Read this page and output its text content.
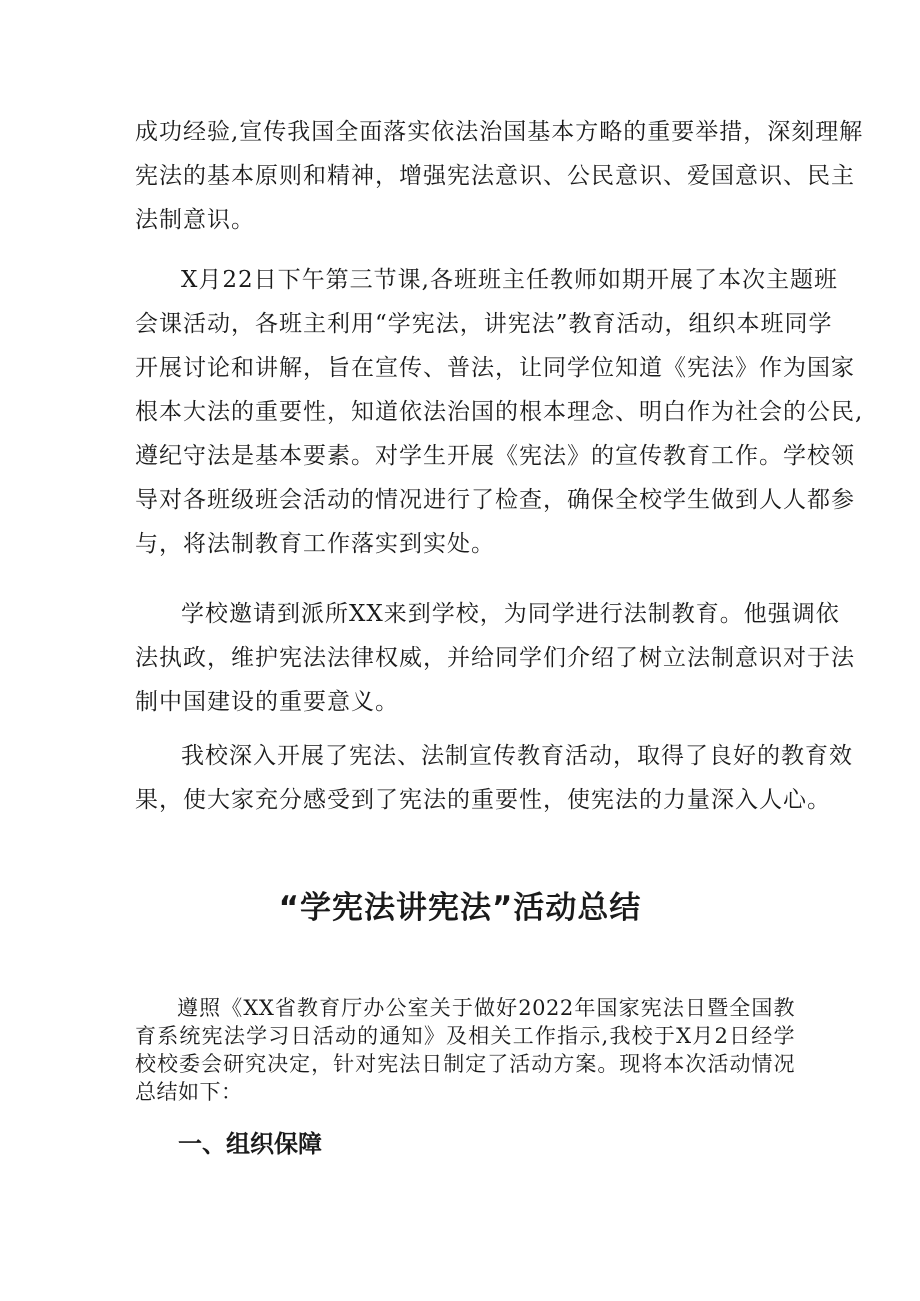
成功经验,宣传我国全面落实依法治国基本方略的重要举措，深刻理解
宪法的基本原则和精神，增强宪法意识、公民意识、爱国意识、民主
法制意识。
X月22日下午第三节课,各班班主任教师如期开展了本次主题班
会课活动，各班主利用“学宪法，讲宪法”教育活动，组织本班同学
开展讨论和讲解，旨在宣传、普法，让同学位知道《宪法》作为国家
根本大法的重要性，知道依法治国的根本理念、明白作为社会的公民,
遵纪守法是基本要素。对学生开展《宪法》的宣传教育工作。学校领
导对各班级班会活动的情况进行了检查，确保全校学生做到人人都参
与，将法制教育工作落实到实处。
学校邀请到派所XX来到学校，为同学进行法制教育。他强调依
法执政，维护宪法法律权威，并给同学们介绍了树立法制意识对于法
制中国建设的重要意义。
我校深入开展了宪法、法制宣传教育活动，取得了良好的教育效
果，使大家充分感受到了宪法的重要性，使宪法的力量深入人心。
“学宪法讲宪法”活动总结
遵照《XX省教育厅办公室关于做好2022年国家宪法日暨全国教
育系统宪法学习日活动的通知》及相关工作指示,我校于X月2日经学
校校委会研究决定，针对宪法日制定了活动方案。现将本次活动情况
总结如下：
一、组织保障
